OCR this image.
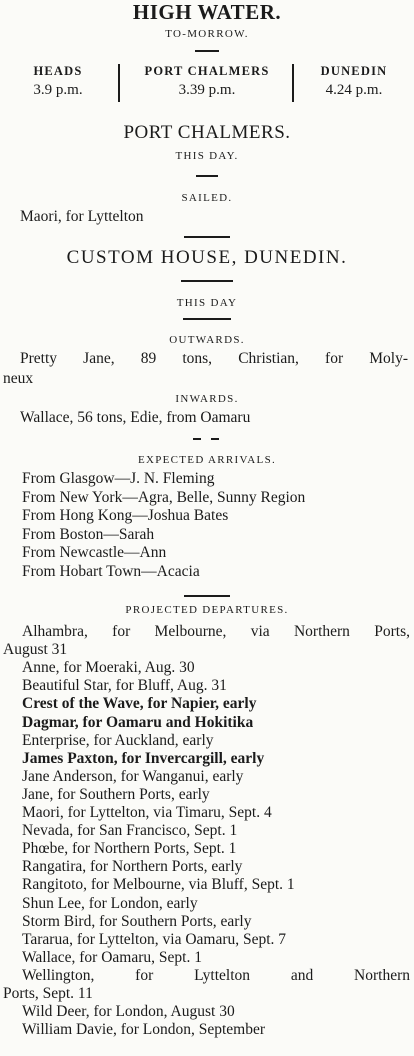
HIGH WATER.

TO-MORROW.

HEADS
3.9 p.m.
PORT CHALMERS
3.39 p.m.
DUNEDIN
4.24 p.m.

PORT CHALMERS.

THIS DAY.

SAILED.

Maori, for Lyttelton

CUSTOM HOUSE, DUNEDIN.

THIS DAY

OUTWARDS.

Pretty Jane, 89 tons, Christian, for Moly-
neux

INWARDS.

Wallace, 56 tons, Edie, from Oamaru

EXPECTED ARRIVALS.

From Glasgow—J. N. Fleming
From New York—Agra, Belle, Sunny Region
From Hong Kong—Joshua Bates
From Boston—Sarah
From Newcastle—Ann
From Hobart Town—Acacia

PROJECTED DEPARTURES.

Alhambra, for Melbourne, via Northern Ports,
August 31
Anne, for Moeraki, Aug. 30
Beautiful Star, for Bluff, Aug. 31
Crest of the Wave, for Napier, early
Dagmar, for Oamaru and Hokitika
Enterprise, for Auckland, early
James Paxton, for Invercargill, early
Jane Anderson, for Wanganui, early
Jane, for Southern Ports, early
Maori, for Lyttelton, via Timaru, Sept. 4
Nevada, for San Francisco, Sept. 1
Phœbe, for Northern Ports, Sept. 1
Rangatira, for Northern Ports, early
Rangitoto, for Melbourne, via Bluff, Sept. 1
Shun Lee, for London, early
Storm Bird, for Southern Ports, early
Tararua, for Lyttelton, via Oamaru, Sept. 7
Wallace, for Oamaru, Sept. 1
Wellington, for Lyttelton and Northern
Ports, Sept. 11
Wild Deer, for London, August 30
William Davie, for London, September
